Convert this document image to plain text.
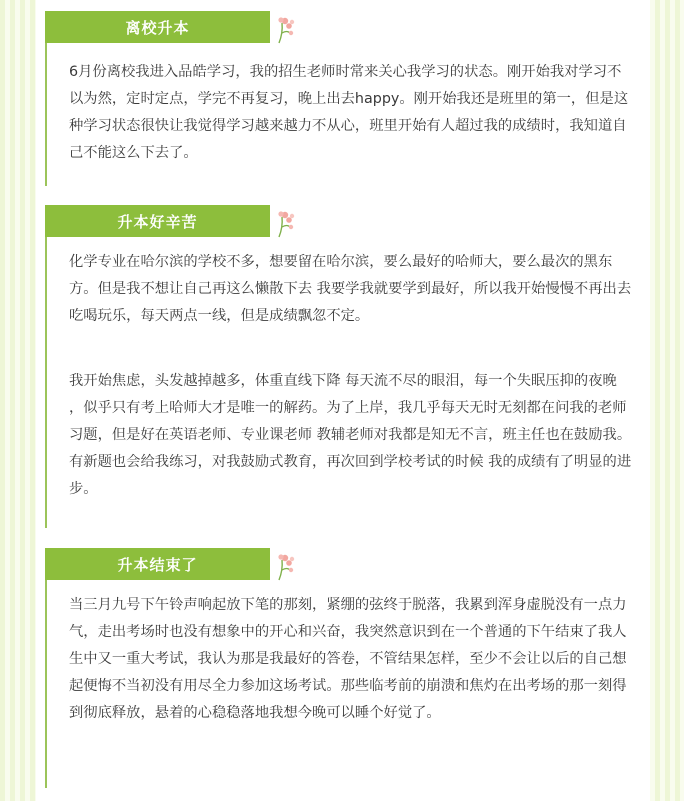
离校升本

6月份离校我进入品皓学习，我的招生老师时常来关心我学习的状态。刚开始我对学习不以为然，定时定点，学完不再复习，晚上出去happy。刚开始我还是班里的第一，但是这种学习状态很快让我觉得学习越来越力不从心，班里开始有人超过我的成绩时，我知道自己不能这么下去了。

升本好辛苦

化学专业在哈尔滨的学校不多，想要留在哈尔滨，要么最好的哈师大，要么最次的黑东方。但是我不想让自己再这么懒散下去 我要学我就要学到最好，所以我开始慢慢不再出去吃喝玩乐，每天两点一线，但是成绩飘忽不定。

我开始焦虑，头发越掉越多，体重直线下降 每天流不尽的眼泪，每一个失眠压抑的夜晚 ，似乎只有考上哈师大才是唯一的解药。为了上岸，我几乎每天无时无刻都在问我的老师习题，但是好在英语老师、专业课老师 教辅老师对我都是知无不言，班主任也在鼓励我。有新题也会给我练习，对我鼓励式教育，再次回到学校考试的时候 我的成绩有了明显的进步。

升本结束了

当三月九号下午铃声响起放下笔的那刻，紧绷的弦终于脱落，我累到浑身虚脱没有一点力气，走出考场时也没有想象中的开心和兴奋，我突然意识到在一个普通的下午结束了我人生中又一重大考试，我认为那是我最好的答卷，不管结果怎样，至少不会让以后的自己想起便悔不当初没有用尽全力参加这场考试。那些临考前的崩溃和焦灼在出考场的那一刻得到彻底释放，悬着的心稳稳落地我想今晚可以睡个好觉了。
